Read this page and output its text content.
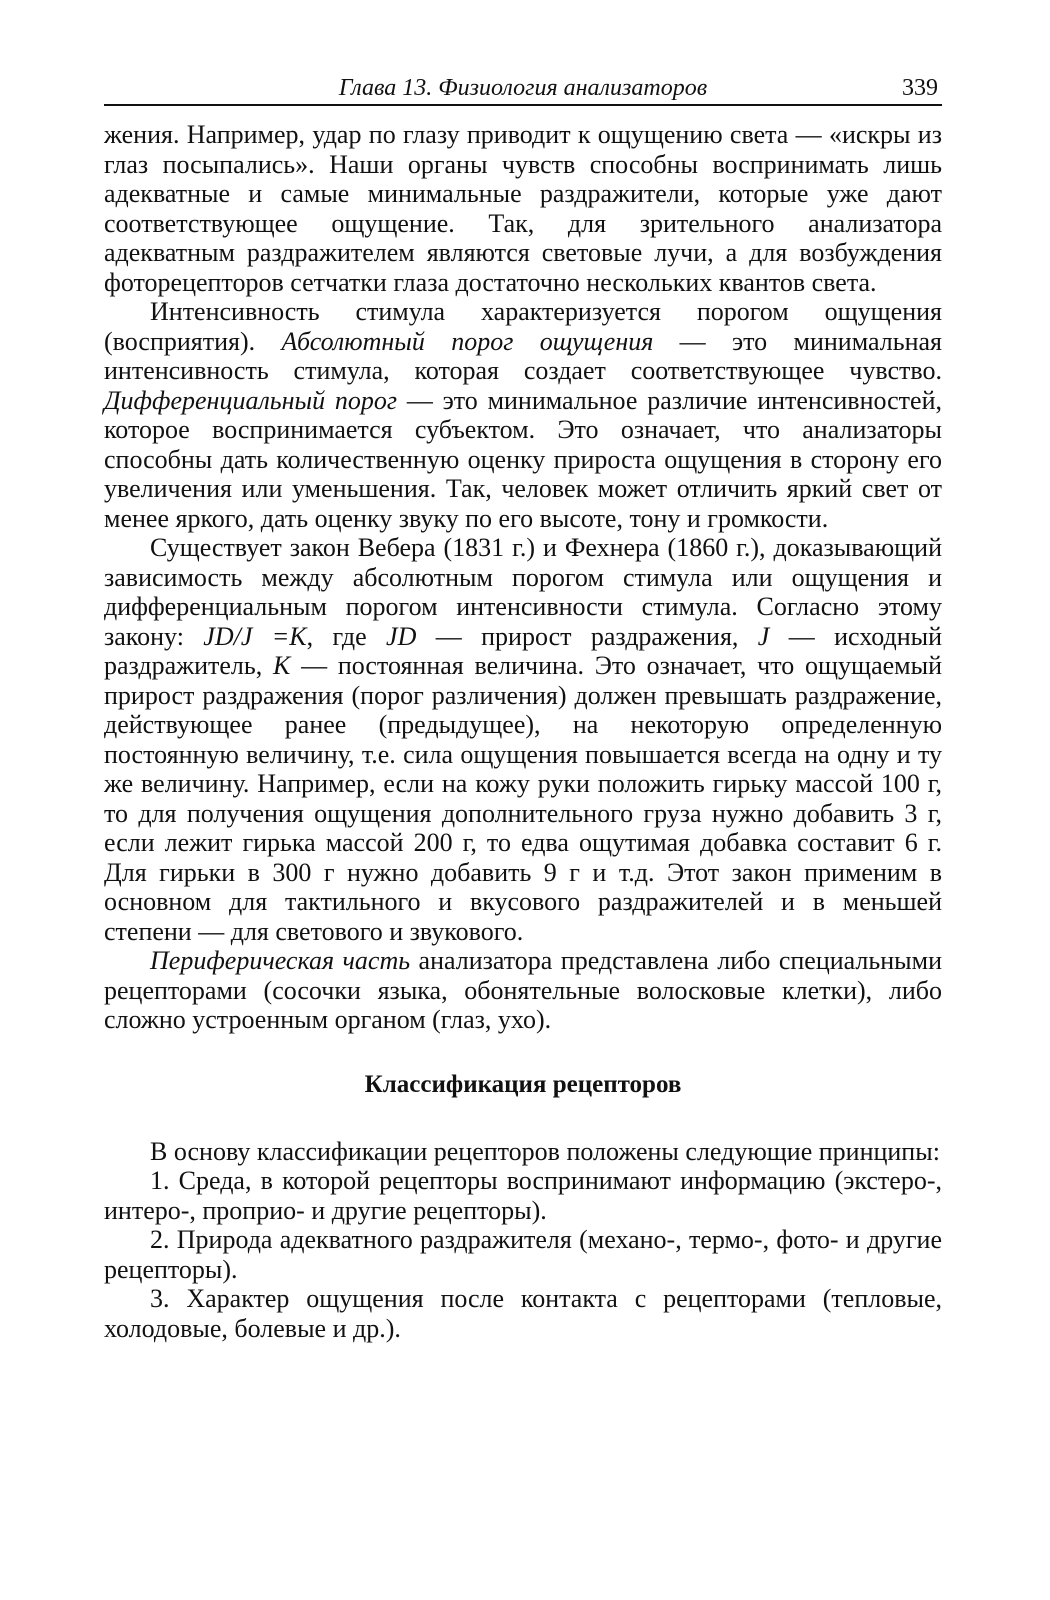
Глава 13. Физиология анализаторов	339

жения. Например, удар по глазу приводит к ощущению света — «искры из глаз посыпались». Наши органы чувств способны воспринимать лишь адекватные и самые минимальные раздражители, которые уже дают соответствующее ощущение. Так, для зрительного анализатора адекватным раздражителем являются световые лучи, а для возбуждения фоторецепторов сетчатки глаза достаточно нескольких квантов света.

Интенсивность стимула характеризуется порогом ощущения (восприятия). Абсолютный порог ощущения — это минимальная интенсивность стимула, которая создает соответствующее чувство. Дифференциальный порог — это минимальное различие интенсивностей, которое воспринимается субъектом. Это означает, что анализаторы способны дать количественную оценку прироста ощущения в сторону его увеличения или уменьшения. Так, человек может отличить яркий свет от менее яркого, дать оценку звуку по его высоте, тону и громкости.

Существует закон Вебера (1831 г.) и Фехнера (1860 г.), доказывающий зависимость между абсолютным порогом стимула или ощущения и дифференциальным порогом интенсивности стимула. Согласно этому закону: JD/J =K, где JD — прирост раздражения, J — исходный раздражитель, K — постоянная величина. Это означает, что ощущаемый прирост раздражения (порог различения) должен превышать раздражение, действующее ранее (предыдущее), на некоторую определенную постоянную величину, т.е. сила ощущения повышается всегда на одну и ту же величину. Например, если на кожу руки положить гирьку массой 100 г, то для получения ощущения дополнительного груза нужно добавить 3 г, если лежит гирька массой 200 г, то едва ощутимая добавка составит 6 г. Для гирьки в 300 г нужно добавить 9 г и т.д. Этот закон применим в основном для тактильного и вкусового раздражителей и в меньшей степени — для светового и звукового.

Периферическая часть анализатора представлена либо специальными рецепторами (сосочки языка, обонятельные волосковые клетки), либо сложно устроенным органом (глаз, ухо).

Классификация рецепторов

В основу классификации рецепторов положены следующие принципы:

1. Среда, в которой рецепторы воспринимают информацию (экстеро-, интеро-, проприо- и другие рецепторы).

2. Природа адекватного раздражителя (механо-, термо-, фото- и другие рецепторы).

3. Характер ощущения после контакта с рецепторами (тепловые, холодовые, болевые и др.).
